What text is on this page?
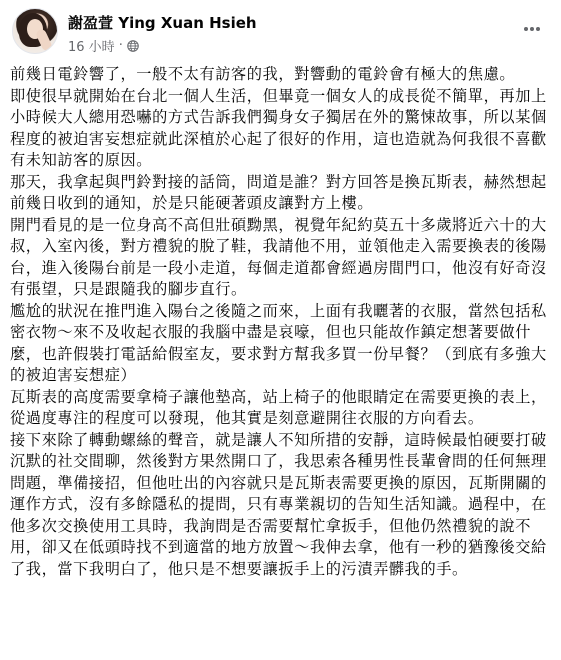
謝盈萱 Ying Xuan Hsieh
16 小時 ·

前幾日電鈴響了，一般不太有訪客的我，對響動的電鈴會有極大的焦慮。

即使很早就開始在台北一個人生活，但畢竟一個女人的成長從不簡單，再加上小時候大人總用恐嚇的方式告訴我們獨身女子獨居在外的驚悚故事，所以某個程度的被迫害妄想症就此深植於心起了很好的作用，這也造就為何我很不喜歡有未知訪客的原因。

那天，我拿起與門鈴對接的話筒，問道是誰？對方回答是換瓦斯表，赫然想起前幾日收到的通知，於是只能硬著頭皮讓對方上樓。

開門看見的是一位身高不高但壯碩黝黑，視覺年紀約莫五十多歲將近六十的大叔，入室內後，對方禮貌的脫了鞋，我請他不用，並領他走入需要換表的後陽台，進入後陽台前是一段小走道，每個走道都會經過房間門口，他沒有好奇沒有張望，只是跟隨我的腳步直行。

尷尬的狀況在推門進入陽台之後隨之而來，上面有我曬著的衣服，當然包括私密衣物～來不及收起衣服的我腦中盡是哀嚎，但也只能故作鎮定想著要做什麼，也許假裝打電話給假室友，要求對方幫我多買一份早餐？（到底有多強大的被迫害妄想症）

瓦斯表的高度需要拿椅子讓他墊高，站上椅子的他眼睛定在需要更換的表上，從過度專注的程度可以發現，他其實是刻意避開往衣服的方向看去。

接下來除了轉動螺絲的聲音，就是讓人不知所措的安靜，這時候最怕硬要打破沉默的社交間聊，然後對方果然開口了，我思索各種男性長輩會問的任何無理問題，準備接招，但他吐出的內容就只是瓦斯表需要更換的原因，瓦斯開關的運作方式，沒有多餘隱私的提問，只有專業親切的告知生活知識。過程中，在他多次交換使用工具時，我詢問是否需要幫忙拿扳手，但他仍然禮貌的說不用，卻又在低頭時找不到適當的地方放置～我伸去拿，他有一秒的猶豫後交給了我，當下我明白了，他只是不想要讓扳手上的污漬弄髒我的手。
